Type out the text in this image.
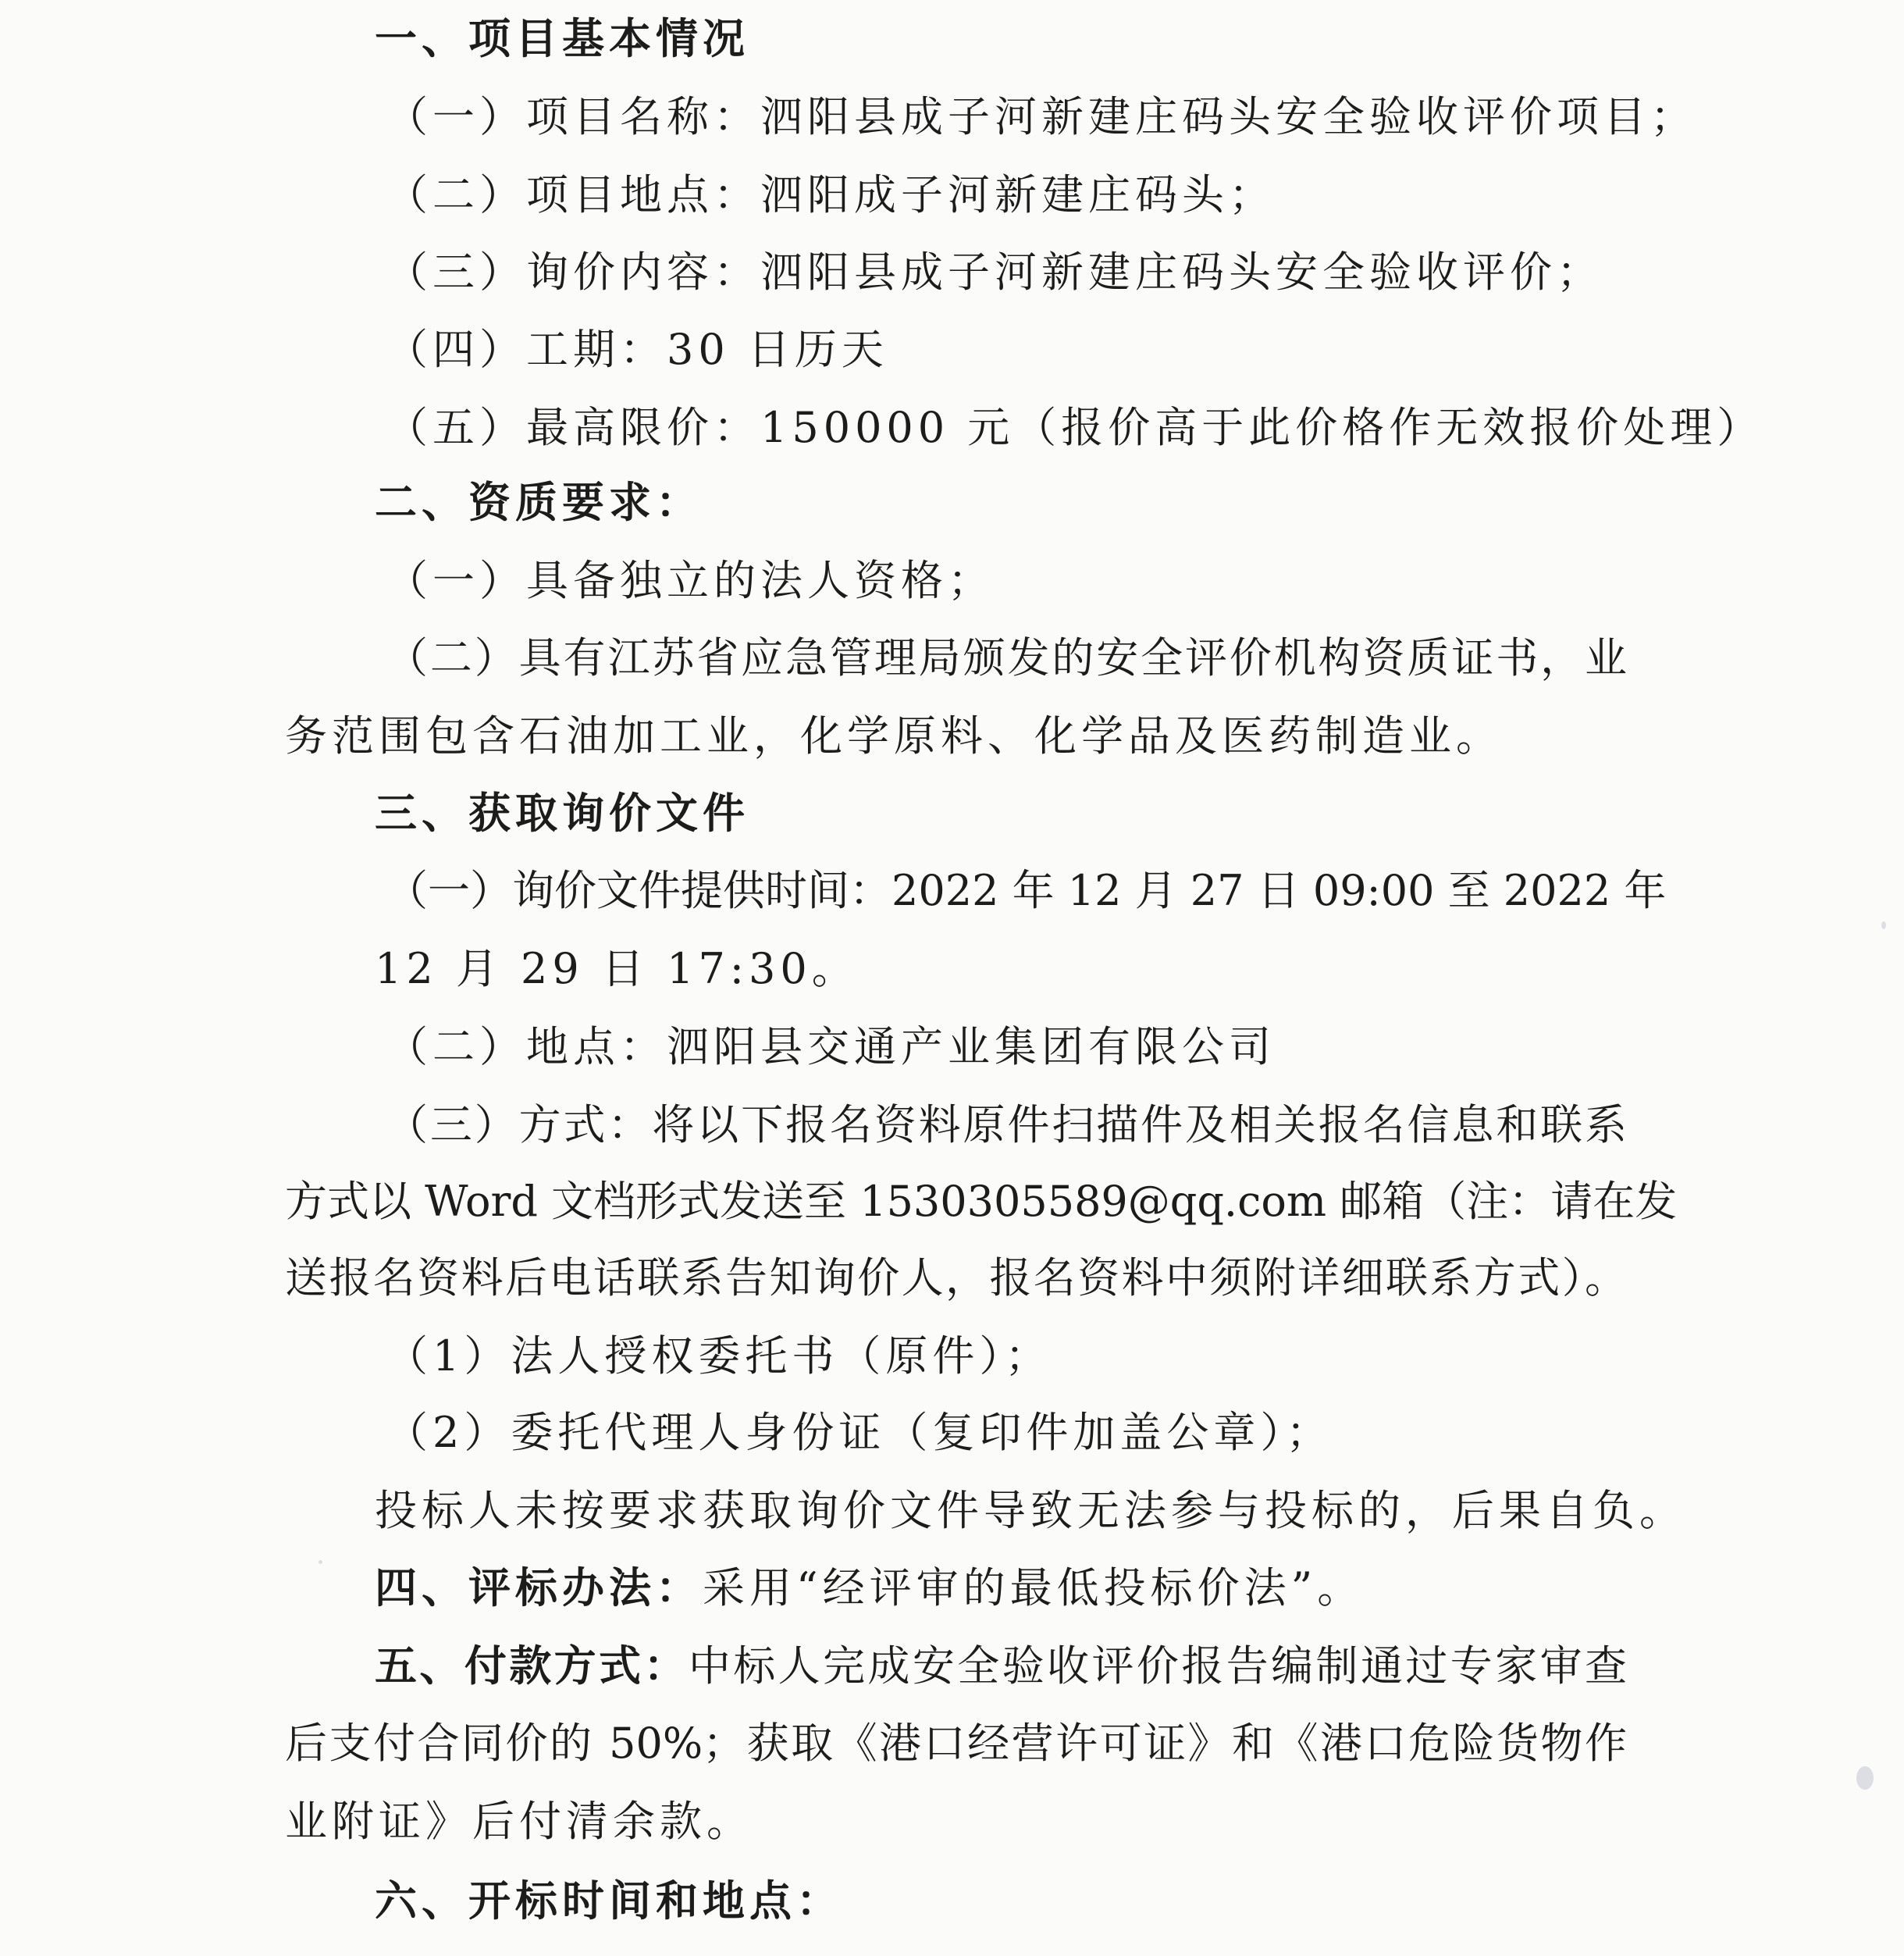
一、项目基本情况

（一）项目名称：泗阳县成子河新建庄码头安全验收评价项目；

（二）项目地点：泗阳成子河新建庄码头；

（三）询价内容：泗阳县成子河新建庄码头安全验收评价；

（四）工期：30 日历天

（五）最高限价：150000 元（报价高于此价格作无效报价处理）

二、资质要求：

（一）具备独立的法人资格；

（二）具有江苏省应急管理局颁发的安全评价机构资质证书，业

务范围包含石油加工业，化学原料、化学品及医药制造业。

三、获取询价文件

（一）询价文件提供时间：2022 年 12 月 27 日 09:00 至 2022 年

12 月 29 日 17:30。

（二）地点：泗阳县交通产业集团有限公司

（三）方式：将以下报名资料原件扫描件及相关报名信息和联系

方式以 Word 文档形式发送至 1530305589@qq.com 邮箱（注：请在发

送报名资料后电话联系告知询价人，报名资料中须附详细联系方式）。

（1）法人授权委托书（原件）；

（2）委托代理人身份证（复印件加盖公章）；

投标人未按要求获取询价文件导致无法参与投标的，后果自负。

四、评标办法：采用“经评审的最低投标价法”。

五、付款方式：中标人完成安全验收评价报告编制通过专家审查

后支付合同价的 50%；获取《港口经营许可证》和《港口危险货物作

业附证》后付清余款。

六、开标时间和地点：
